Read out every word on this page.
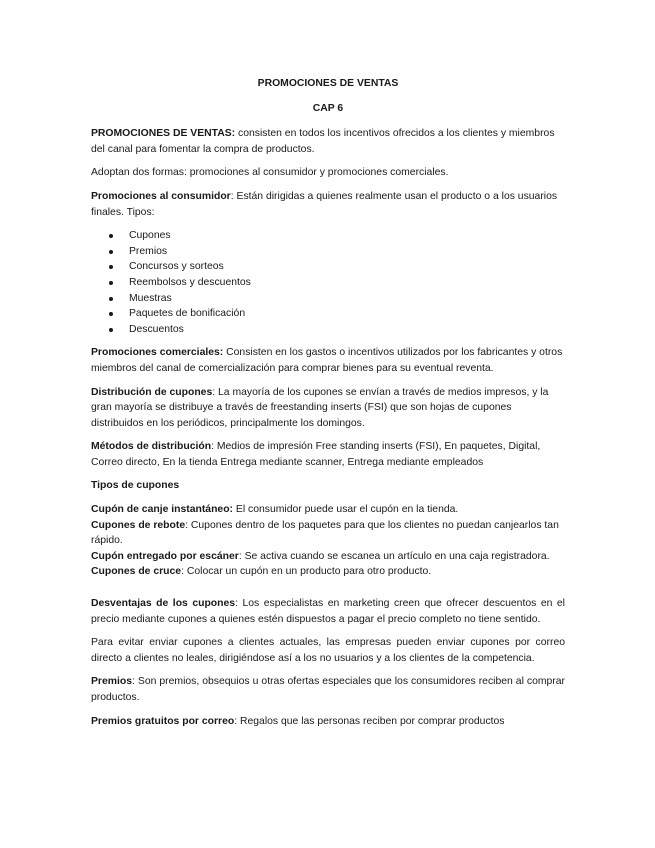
PROMOCIONES DE VENTAS

CAP 6

PROMOCIONES DE VENTAS: consisten en todos los incentivos ofrecidos a los clientes y miembros del canal para fomentar la compra de productos.

Adoptan dos formas: promociones al consumidor y promociones comerciales.

Promociones al consumidor: Están dirigidas a quienes realmente usan el producto o a los usuarios finales. Tipos:

Cupones
Premios
Concursos y sorteos
Reembolsos y descuentos
Muestras
Paquetes de bonificación
Descuentos

Promociones comerciales: Consisten en los gastos o incentivos utilizados por los fabricantes y otros miembros del canal de comercialización para comprar bienes para su eventual reventa.

Distribución de cupones: La mayoría de los cupones se envían a través de medios impresos, y la gran mayoría se distribuye a través de freestanding inserts (FSI) que son hojas de cupones distribuidos en los periódicos, principalmente los domingos.

Métodos de distribución: Medios de impresión Free standing inserts (FSI), En paquetes, Digital, Correo directo, En la tienda Entrega mediante scanner, Entrega mediante empleados

Tipos de cupones

Cupón de canje instantáneo: El consumidor puede usar el cupón en la tienda.

Cupones de rebote: Cupones dentro de los paquetes para que los clientes no puedan canjearlos tan rápido.

Cupón entregado por escáner: Se activa cuando se escanea un artículo en una caja registradora.

Cupones de cruce: Colocar un cupón en un producto para otro producto.

Desventajas de los cupones: Los especialistas en marketing creen que ofrecer descuentos en el precio mediante cupones a quienes estén dispuestos a pagar el precio completo no tiene sentido.

Para evitar enviar cupones a clientes actuales, las empresas pueden enviar cupones por correo directo a clientes no leales, dirigiéndose así a los no usuarios y a los clientes de la competencia.

Premios: Son premios, obsequios u otras ofertas especiales que los consumidores reciben al comprar productos.

Premios gratuitos por correo: Regalos que las personas reciben por comprar productos
